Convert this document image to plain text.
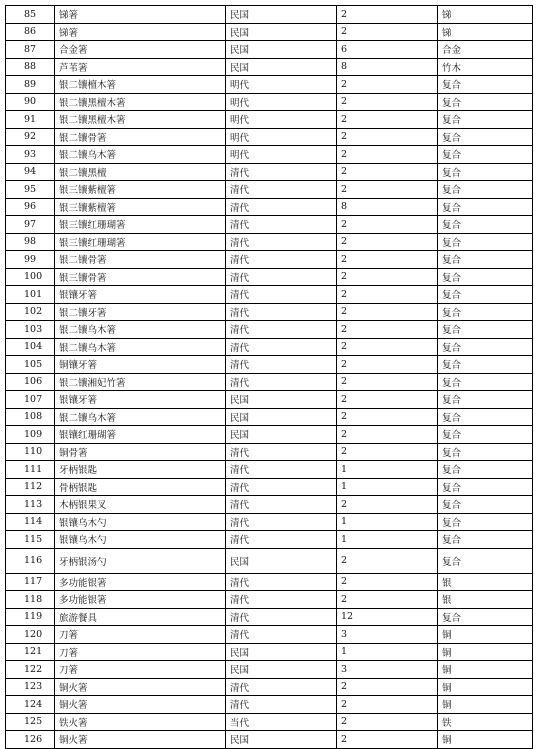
85	锑箸	民国	2	锑
86	锑箸	民国	2	锑
87	合金箸	民国	6	合金
88	芦苇箸	民国	8	竹木
89	银二镶檀木箸	明代	2	复合
90	银二镶黑檀木箸	明代	2	复合
91	银二镶黑檀木箸	明代	2	复合
92	银二镶骨箸	明代	2	复合
93	银二镶乌木箸	明代	2	复合
94	银二镶黑檀	清代	2	复合
95	银三镶紫檀箸	清代	2	复合
96	银三镶紫檀箸	清代	8	复合
97	银三镶红珊瑚箸	清代	2	复合
98	银三镶红珊瑚箸	清代	2	复合
99	银二镶骨箸	清代	2	复合
100	银三镶骨箸	清代	2	复合
101	银镶牙箸	清代	2	复合
102	银二镶牙箸	清代	2	复合
103	银二镶乌木箸	清代	2	复合
104	银二镶乌木箸	清代	2	复合
105	铜镶牙箸	清代	2	复合
106	银二镶湘妃竹箸	清代	2	复合
107	银镶牙箸	民国	2	复合
108	银二镶乌木箸	民国	2	复合
109	银镶红珊瑚箸	民国	2	复合
110	铜骨箸	清代	2	复合
111	牙柄银匙	清代	1	复合
112	骨柄银匙	清代	1	复合
113	木柄银果叉	清代	2	复合
114	银镶乌木勺	清代	1	复合
115	银镶乌木勺	清代	1	复合
116	牙柄银汤勺	民国	2	复合
117	多功能银箸	清代	2	银
118	多功能银箸	清代	2	银
119	旅游餐具	清代	12	复合
120	刀箸	清代	3	铜
121	刀箸	民国	1	铜
122	刀箸	民国	3	铜
123	铜火箸	清代	2	铜
124	铜火箸	清代	2	铜
125	铁火箸	当代	2	铁
126	铜火箸	民国	2	铜
